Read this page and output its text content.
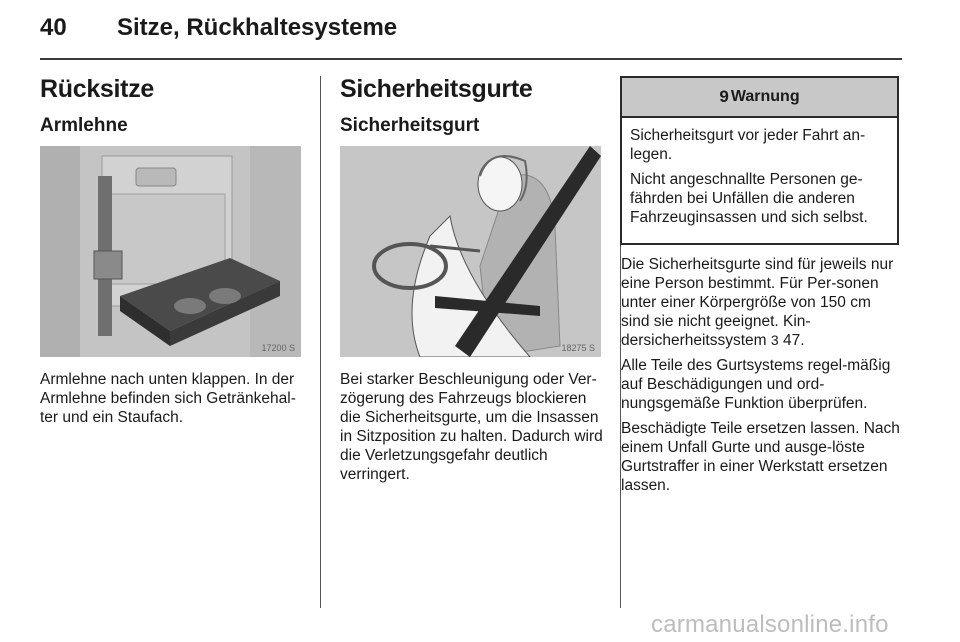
40 Sitze, Rückhaltesysteme
Rücksitze
Armlehne
17200 S

Armlehne nach unten klappen. In der Armlehne befinden sich Getränkehal-ter und ein Staufach.

Sicherheitsgurte
Sicherheitsgurt
18275 S

Bei starker Beschleunigung oder Ver-zögerung des Fahrzeugs blockieren die Sicherheitsgurte, um die Insassen in Sitzposition zu halten. Dadurch wird die Verletzungsgefahr deutlich verringert.

9 Warnung

Sicherheitsgurt vor jeder Fahrt an-legen.

Nicht angeschnallte Personen ge-fährden bei Unfällen die anderen Fahrzeuginsassen und sich selbst.

Die Sicherheitsgurte sind für jeweils nur eine Person bestimmt. Für Per-sonen unter einer Körpergröße von 150 cm sind sie nicht geeignet. Kin-dersicherheitssystem 3 47.

Alle Teile des Gurtsystems regel-mäßig auf Beschädigungen und ord-nungsgemäße Funktion überprüfen.

Beschädigte Teile ersetzen lassen. Nach einem Unfall Gurte und ausge-löste Gurtstraffer in einer Werkstatt ersetzen lassen.

carmanualsonline.info
